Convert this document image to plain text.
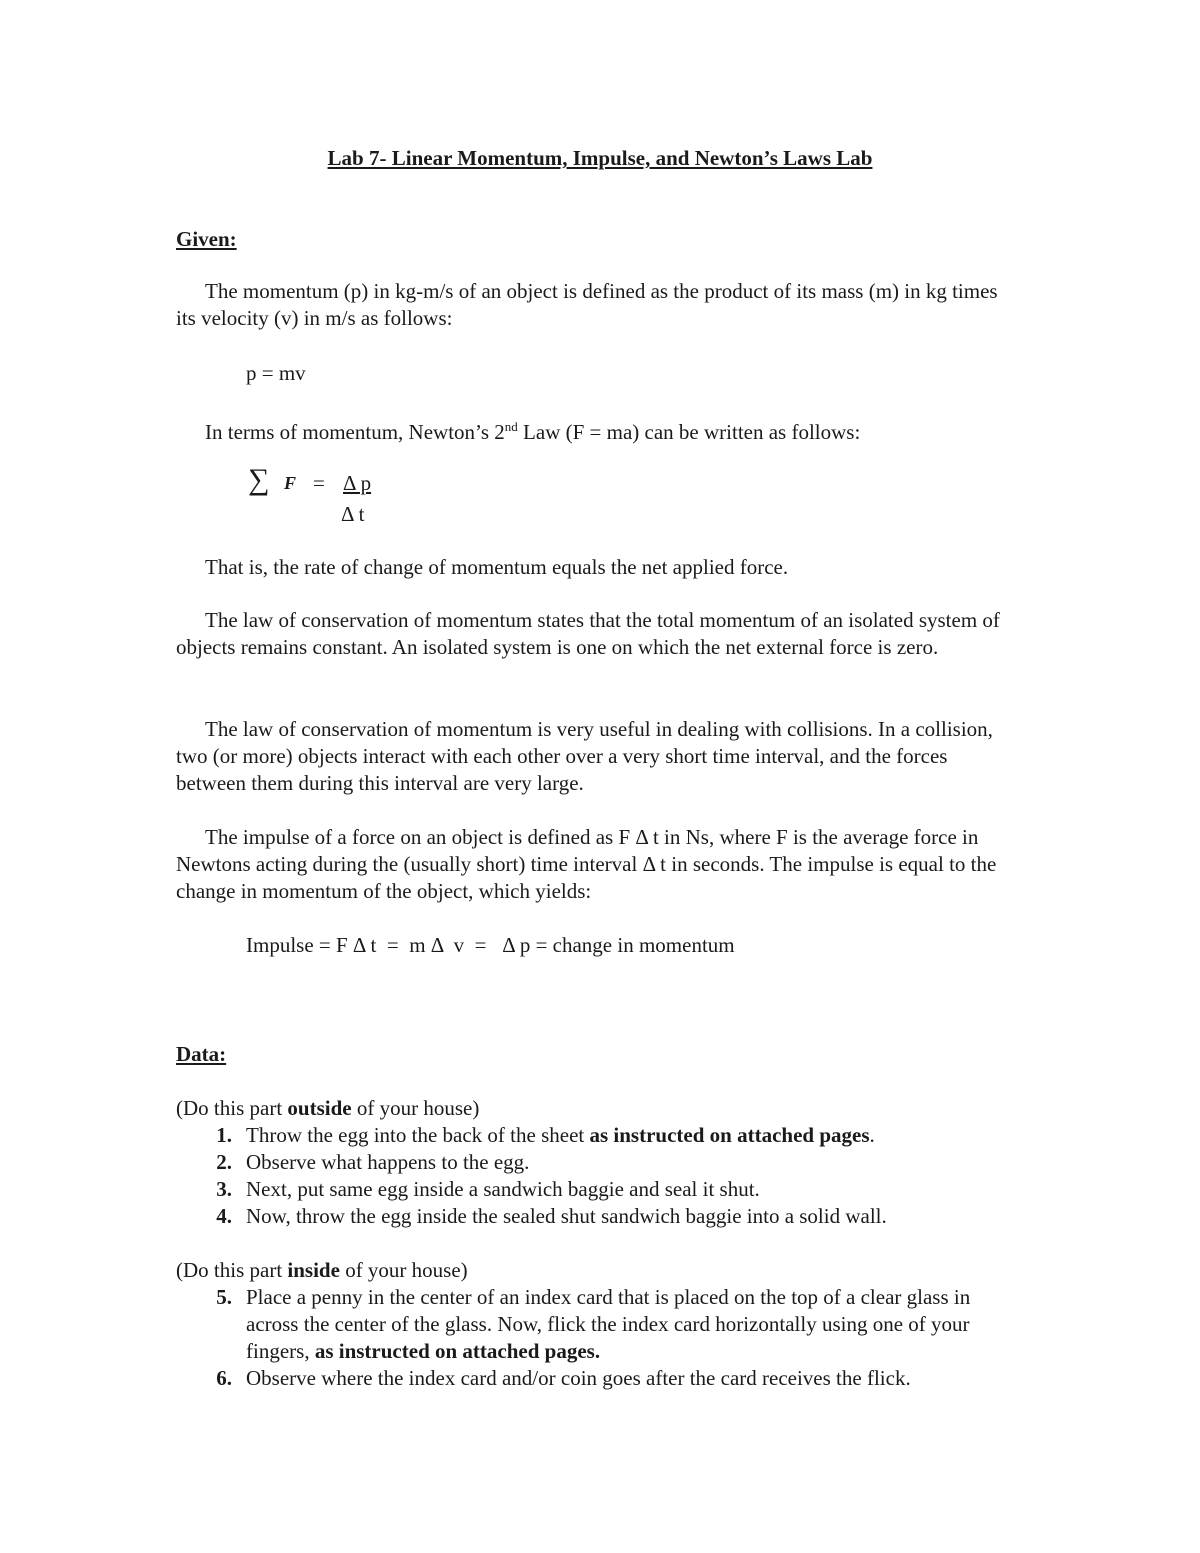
Lab 7- Linear Momentum, Impulse, and Newton’s Laws Lab
Given:
The momentum (p) in kg-m/s of an object is defined as the product of its mass (m) in kg times its velocity (v) in m/s as follows:
p = mv
In terms of momentum, Newton’s 2nd Law (F = ma) can be written as follows:
∑ F = Δ p
Δ t
That is, the rate of change of momentum equals the net applied force.
The law of conservation of momentum states that the total momentum of an isolated system of objects remains constant. An isolated system is one on which the net external force is zero.
The law of conservation of momentum is very useful in dealing with collisions. In a collision, two (or more) objects interact with each other over a very short time interval, and the forces between them during this interval are very large.
The impulse of a force on an object is defined as F Δ t in Ns, where F is the average force in Newtons acting during the (usually short) time interval Δ t in seconds. The impulse is equal to the change in momentum of the object, which yields:
Impulse = F Δ t  =  m Δ  v  =   Δ p = change in momentum
Data:
(Do this part outside of your house)
1. Throw the egg into the back of the sheet as instructed on attached pages.
2. Observe what happens to the egg.
3. Next, put same egg inside a sandwich baggie and seal it shut.
4. Now, throw the egg inside the sealed shut sandwich baggie into a solid wall.
(Do this part inside of your house)
5. Place a penny in the center of an index card that is placed on the top of a clear glass in across the center of the glass. Now, flick the index card horizontally using one of your fingers, as instructed on attached pages.
6. Observe where the index card and/or coin goes after the card receives the flick.
